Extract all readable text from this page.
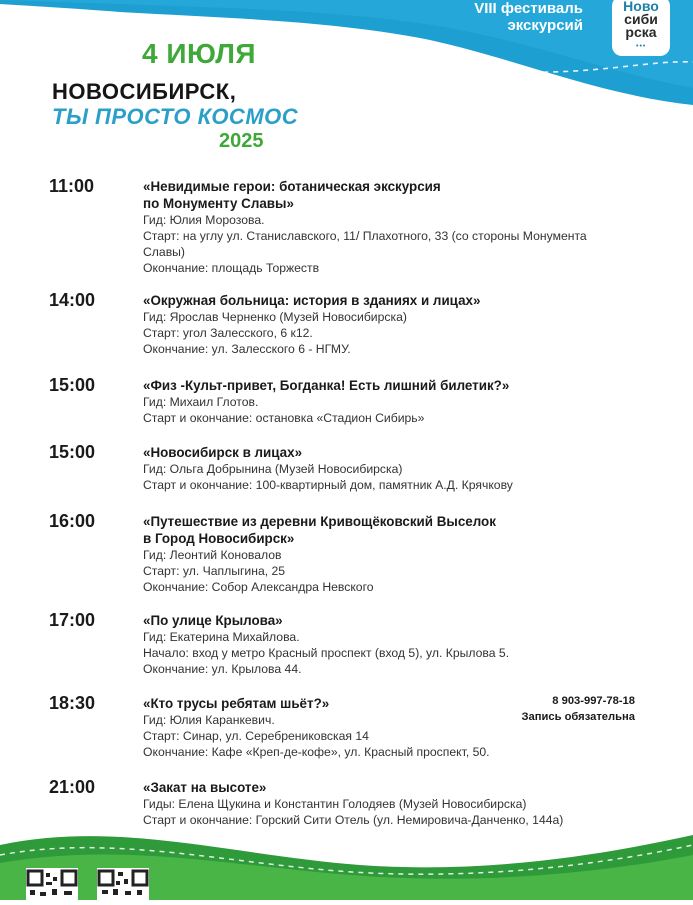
VIII фестиваль
экскурсий
Ново
сиби
рска
•••
4 ИЮЛЯ
НОВОСИБИРСК,
ТЫ ПРОСТО КОСМОС
2025
11:00	«Невидимые герои: ботаническая экскурсия
по Монументу Славы»
Гид: Юлия Морозова.
Старт: на углу ул. Станиславского, 11/ Плахотного, 33 (со стороны Монумента
Славы)
Окончание: площадь Торжеств
14:00	«Окружная больница: история в зданиях и лицах»
Гид: Ярослав Черненко (Музей Новосибирска)
Старт: угол Залесского, 6 к12.
Окончание: ул. Залесского 6 - НГМУ.
15:00	«Физ -Культ-привет, Богданка! Есть лишний билетик?»
Гид: Михаил Глотов.
Старт и окончание: остановка «Стадион Сибирь»
15:00	«Новосибирск в лицах»
Гид: Ольга Добрынина (Музей Новосибирска)
Старт и окончание: 100-квартирный дом, памятник А.Д. Крячкову
16:00	«Путешествие из деревни Кривощёковский Выселок
в Город Новосибирск»
Гид: Леонтий Коновалов
Старт: ул. Чаплыгина, 25
Окончание: Собор Александра Невского
17:00	«По улице Крылова»
Гид: Екатерина Михайлова.
Начало: вход у метро Красный проспект (вход 5), ул. Крылова 5.
Окончание: ул. Крылова 44.
18:30	«Кто трусы ребятам шьёт?»
Гид: Юлия Каранкевич.
Старт: Синар, ул. Серебрениковская 14
Окончание: Кафе «Креп-де-кофе», ул. Красный проспект, 50.
8 903-997-78-18
Запись обязательна
21:00	«Закат на высоте»
Гиды: Елена Щукина и Константин Голодяев (Музей Новосибирска)
Старт и окончание: Горский Сити Отель (ул. Немировича-Данченко, 144а)
